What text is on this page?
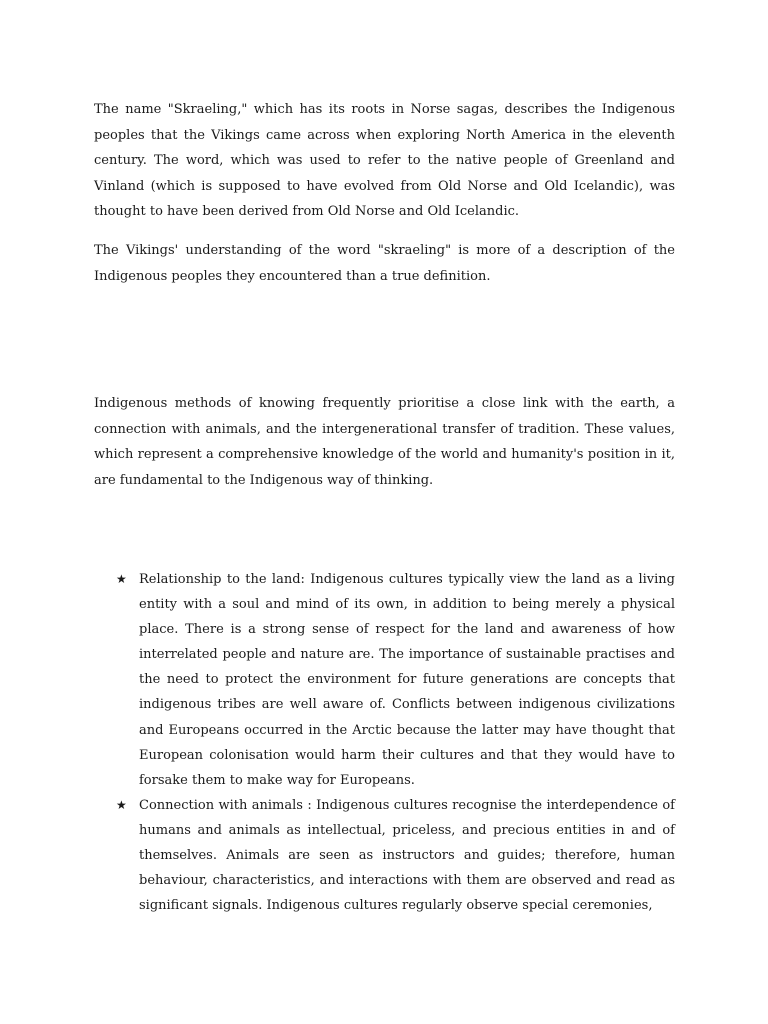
The name "Skraeling," which has its roots in Norse sagas, describes the Indigenous peoples that the Vikings came across when exploring North America in the eleventh century. The word, which was used to refer to the native people of Greenland and Vinland (which is supposed to have evolved from Old Norse and Old Icelandic), was thought to have been derived from Old Norse and Old Icelandic.

The Vikings' understanding of the word "skraeling" is more of a description of the Indigenous peoples they encountered than a true definition.

Indigenous methods of knowing frequently prioritise a close link with the earth, a connection with animals, and the intergenerational transfer of tradition. These values, which represent a comprehensive knowledge of the world and humanity's position in it, are fundamental to the Indigenous way of thinking.

★ Relationship to the land: Indigenous cultures typically view the land as a living entity with a soul and mind of its own, in addition to being merely a physical place. There is a strong sense of respect for the land and awareness of how interrelated people and nature are. The importance of sustainable practises and the need to protect the environment for future generations are concepts that indigenous tribes are well aware of. Conflicts between indigenous civilizations and Europeans occurred in the Arctic because the latter may have thought that European colonisation would harm their cultures and that they would have to forsake them to make way for Europeans.
★ Connection with animals : Indigenous cultures recognise the interdependence of humans and animals as intellectual, priceless, and precious entities in and of themselves. Animals are seen as instructors and guides; therefore, human behaviour, characteristics, and interactions with them are observed and read as significant signals. Indigenous cultures regularly observe special ceremonies,
